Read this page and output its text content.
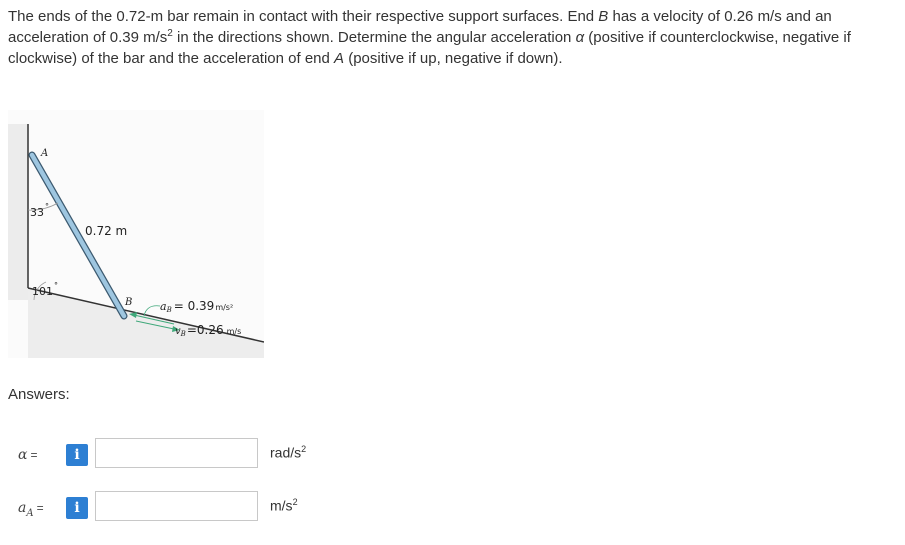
The ends of the 0.72-m bar remain in contact with their respective support surfaces. End B has a velocity of 0.26 m/s and an acceleration of 0.39 $m/s^2$ in the directions shown. Determine the angular acceleration α (positive if counterclockwise, negative if clockwise) of the bar and the acceleration of end A (positive if up, negative if down).
A
33 °
0.72 m
101 °
B	aB = 0.39m/s²
vB=0.26 m/s
Answers:
α =	i	rad/$s^2$
$a_A$ =	i	$m/s^2$
